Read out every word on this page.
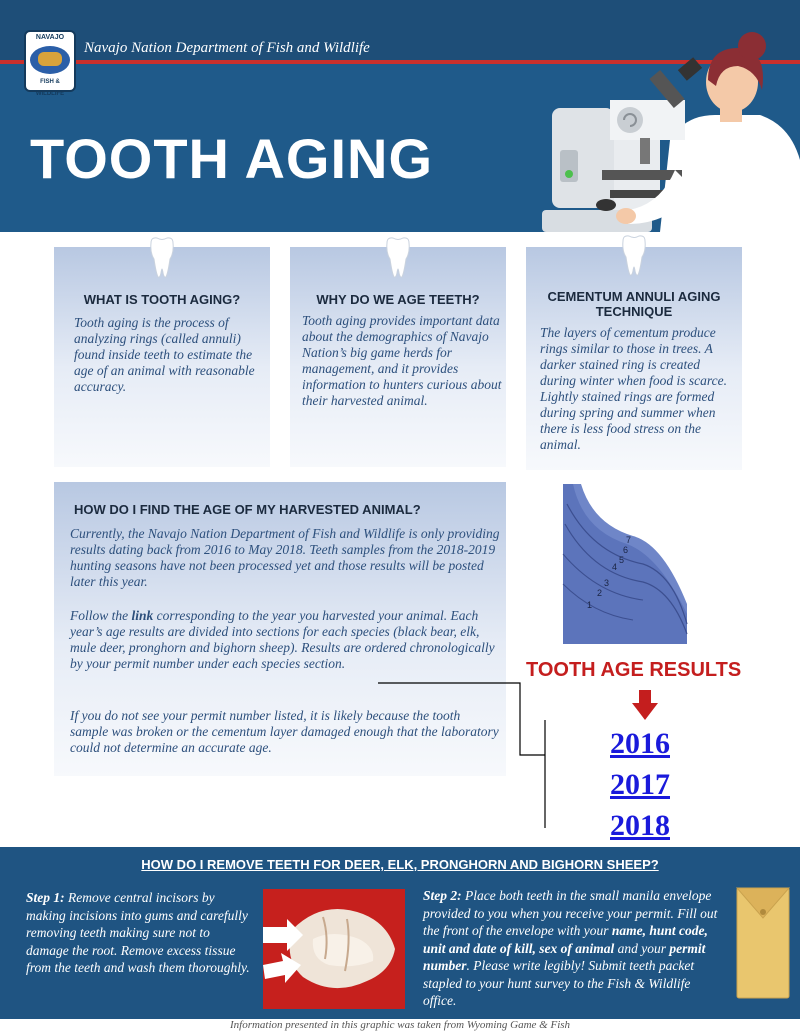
NAVAJO
FISH & WILDLIFE
Navajo Nation Department of Fish and Wildlife
TOOTH AGING
WHAT IS TOOTH AGING?

Tooth aging is the process of analyzing rings (called annuli) found inside teeth to estimate the age of an animal with reasonable accuracy.

WHY DO WE AGE TEETH?

Tooth aging provides important data about the demographics of Navajo Nation’s big game herds for management, and it provides information to hunters curious about their harvested animal.

CEMENTUM ANNULI AGING TECHNIQUE

The layers of cementum produce rings similar to those in trees. A darker stained ring is created during winter when food is scarce. Lightly stained rings are formed during spring and summer when there is less food stress on the animal.

HOW DO I FIND THE AGE OF MY HARVESTED ANIMAL?

Currently, the Navajo Nation Department of Fish and Wildlife is only providing results dating back from 2016 to May 2018. Teeth samples from the 2018-2019 hunting seasons have not been processed yet and those results will be posted later this year.

Follow the link corresponding to the year you harvested your animal. Each year’s age results are divided into sections for each species (black bear, elk, mule deer, pronghorn and bighorn sheep). Results are ordered chronologically by your permit number under each species section.

If you do not see your permit number listed, it is likely because the tooth sample was broken or the cementum layer damaged enough that the laboratory could not determine an accurate age.

1
2
3
4
5
6
7
TOOTH AGE RESULTS
2016
2017
2018
HOW DO I REMOVE TEETH FOR DEER, ELK, PRONGHORN AND BIGHORN SHEEP?

Step 1: Remove central incisors by making incisions into gums and carefully removing teeth making sure not to damage the root. Remove excess tissue from the teeth and wash them thoroughly.

Step 2: Place both teeth in the small manila envelope provided to you when you receive your permit. Fill out the front of the envelope with your name, hunt code, unit and date of kill, sex of animal and your permit number. Please write legibly! Submit teeth packet stapled to your hunt survey to the Fish & Wildlife office.

Information presented in this graphic was taken from Wyoming Game & Fish
